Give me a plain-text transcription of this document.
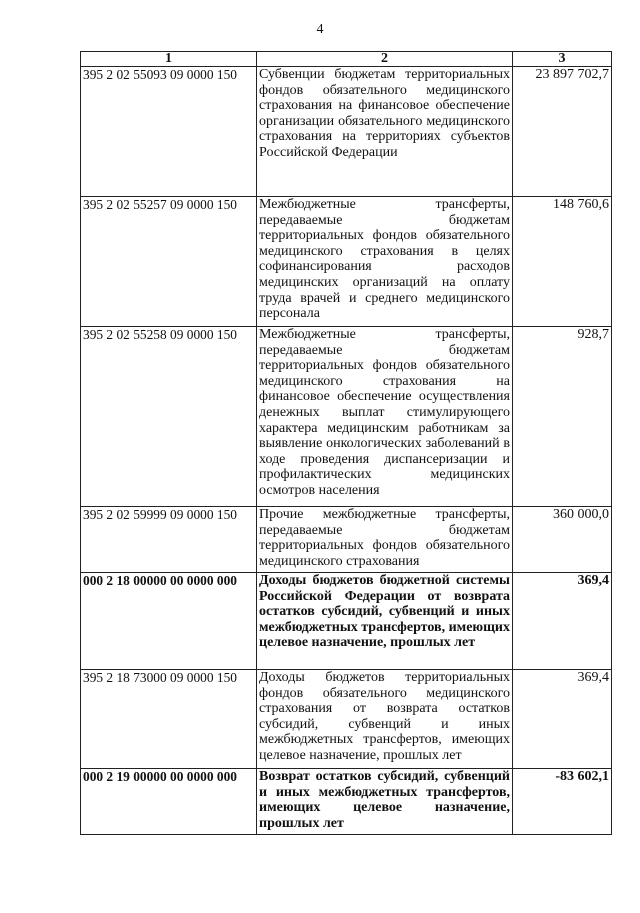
4
1	2	3
395 2 02 55093 09 0000 150	Субвенции бюджетам территориальных фондов обязательного медицинского страхования на финансовое обеспечение организации обязательного медицинского страхования на территориях субъектов Российской Федерации	23 897 702,7
395 2 02 55257 09 0000 150	Межбюджетные трансферты, передаваемые бюджетам территориальных фондов обязательного медицинского страхования в целях софинансирования расходов медицинских организаций на оплату труда врачей и среднего медицинского персонала	148 760,6
395 2 02 55258 09 0000 150	Межбюджетные трансферты, передаваемые бюджетам территориальных фондов обязательного медицинского страхования на финансовое обеспечение осуществления денежных выплат стимулирующего характера медицинским работникам за выявление онкологических заболеваний в ходе проведения диспансеризации и профилактических медицинских осмотров населения	928,7
395 2 02 59999 09 0000 150	Прочие межбюджетные трансферты, передаваемые бюджетам территориальных фондов обязательного медицинского страхования	360 000,0
000 2 18 00000 00 0000 000	Доходы бюджетов бюджетной системы Российской Федерации от возврата остатков субсидий, субвенций и иных межбюджетных трансфертов, имеющих целевое назначение, прошлых лет	369,4
395 2 18 73000 09 0000 150	Доходы бюджетов территориальных фондов обязательного медицинского страхования от возврата остатков субсидий, субвенций и иных межбюджетных трансфертов, имеющих целевое назначение, прошлых лет	369,4
000 2 19 00000 00 0000 000	Возврат остатков субсидий, субвенций и иных межбюджетных трансфертов, имеющих целевое назначение, прошлых лет	-83 602,1
